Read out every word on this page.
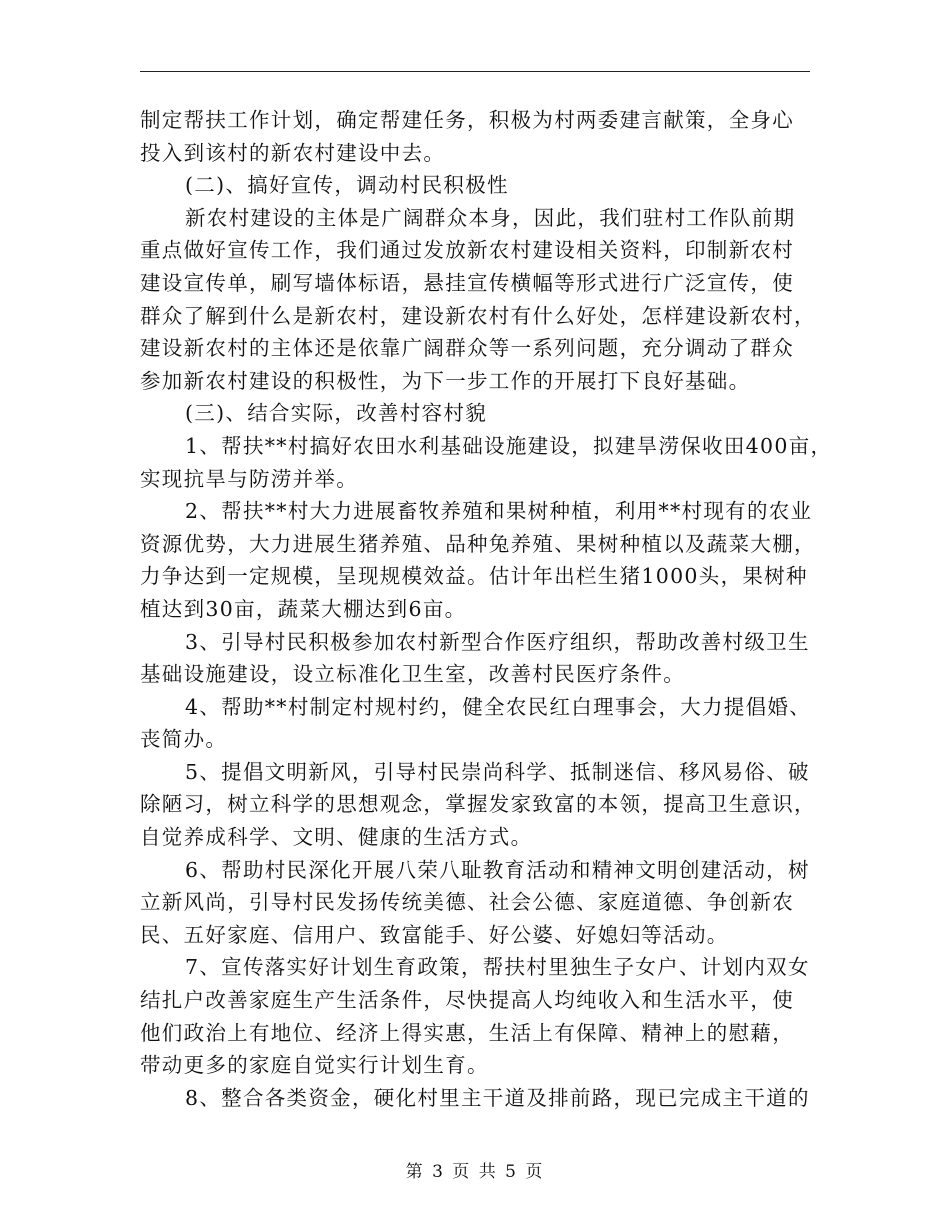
制定帮扶工作计划，确定帮建任务，积极为村两委建言献策，全身心
投入到该村的新农村建设中去。
(二)、搞好宣传，调动村民积极性
新农村建设的主体是广阔群众本身，因此，我们驻村工作队前期
重点做好宣传工作，我们通过发放新农村建设相关资料，印制新农村
建设宣传单，刷写墙体标语，悬挂宣传横幅等形式进行广泛宣传，使
群众了解到什么是新农村，建设新农村有什么好处，怎样建设新农村，
建设新农村的主体还是依靠广阔群众等一系列问题，充分调动了群众
参加新农村建设的积极性，为下一步工作的开展打下良好基础。
(三)、结合实际，改善村容村貌
1、帮扶**村搞好农田水利基础设施建设，拟建旱涝保收田400亩，
实现抗旱与防涝并举。
2、帮扶**村大力进展畜牧养殖和果树种植，利用**村现有的农业
资源优势，大力进展生猪养殖、品种兔养殖、果树种植以及蔬菜大棚，
力争达到一定规模，呈现规模效益。估计年出栏生猪1000头，果树种
植达到30亩，蔬菜大棚达到6亩。
3、引导村民积极参加农村新型合作医疗组织，帮助改善村级卫生
基础设施建设，设立标准化卫生室，改善村民医疗条件。
4、帮助**村制定村规村约，健全农民红白理事会，大力提倡婚、
丧简办。
5、提倡文明新风，引导村民崇尚科学、抵制迷信、移风易俗、破
除陋习，树立科学的思想观念，掌握发家致富的本领，提高卫生意识，
自觉养成科学、文明、健康的生活方式。
6、帮助村民深化开展八荣八耻教育活动和精神文明创建活动，树
立新风尚，引导村民发扬传统美德、社会公德、家庭道德、争创新农
民、五好家庭、信用户、致富能手、好公婆、好媳妇等活动。
7、宣传落实好计划生育政策，帮扶村里独生子女户、计划内双女
结扎户改善家庭生产生活条件，尽快提高人均纯收入和生活水平，使
他们政治上有地位、经济上得实惠，生活上有保障、精神上的慰藉，
带动更多的家庭自觉实行计划生育。
8、整合各类资金，硬化村里主干道及排前路，现已完成主干道的
第 3 页 共 5 页
